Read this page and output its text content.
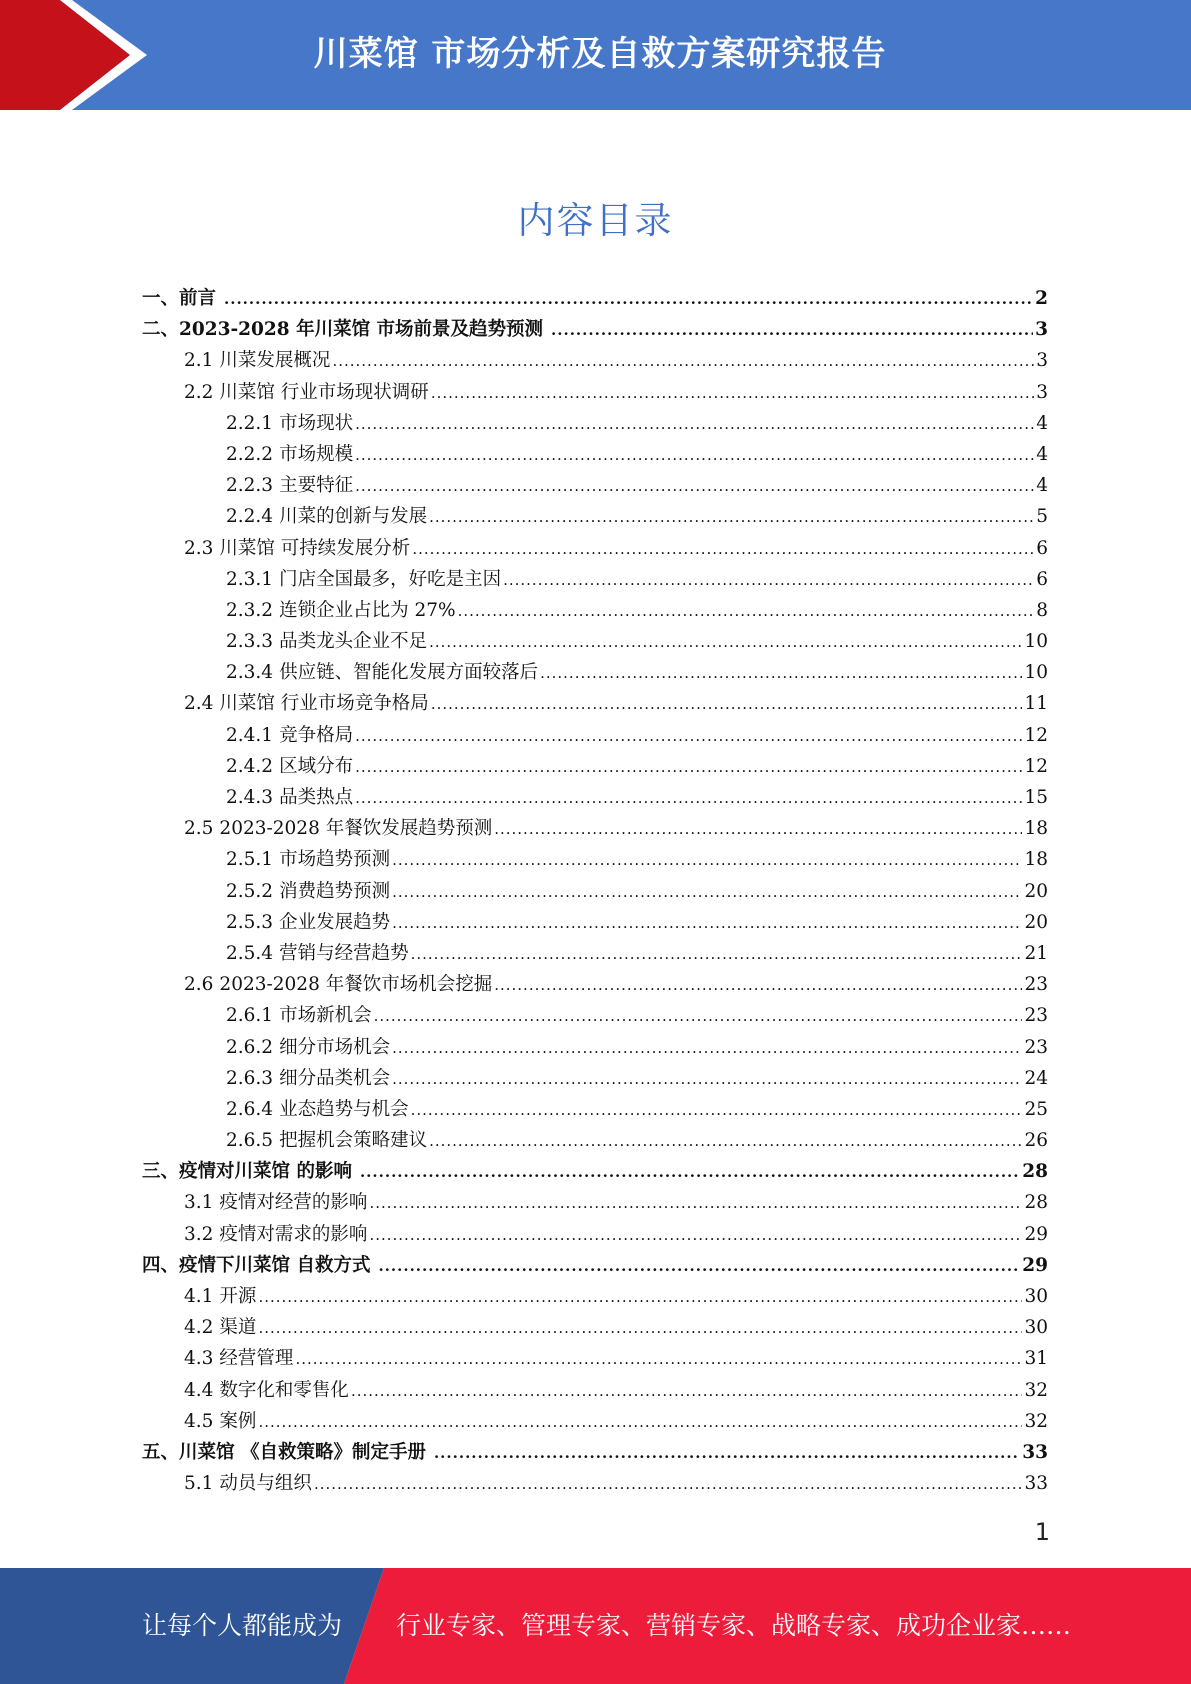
川菜馆 市场分析及自救方案研究报告
内容目录
一、前言 .....	2
二、2023-2028 年川菜馆 市场前景及趋势预测 .....	3
2.1 川菜发展概况 .....	3
2.2 川菜馆 行业市场现状调研 .....	3
2.2.1 市场现状 .....	4
2.2.2 市场规模 .....	4
2.2.3 主要特征 .....	4
2.2.4 川菜的创新与发展 .....	5
2.3 川菜馆 可持续发展分析 .....	6
2.3.1 门店全国最多，好吃是主因 .....	6
2.3.2 连锁企业占比为 27% .....	8
2.3.3 品类龙头企业不足 .....	10
2.3.4 供应链、智能化发展方面较落后 .....	10
2.4 川菜馆 行业市场竞争格局 .....	11
2.4.1 竞争格局 .....	12
2.4.2 区域分布 .....	12
2.4.3 品类热点 .....	15
2.5 2023-2028 年餐饮发展趋势预测 .....	18
2.5.1 市场趋势预测 .....	18
2.5.2 消费趋势预测 .....	20
2.5.3 企业发展趋势 .....	20
2.5.4 营销与经营趋势 .....	21
2.6 2023-2028 年餐饮市场机会挖掘 .....	23
2.6.1 市场新机会 .....	23
2.6.2 细分市场机会 .....	23
2.6.3 细分品类机会 .....	24
2.6.4 业态趋势与机会 .....	25
2.6.5 把握机会策略建议 .....	26
三、疫情对川菜馆 的影响 .....	28
3.1 疫情对经营的影响 .....	28
3.2 疫情对需求的影响 .....	29
四、疫情下川菜馆 自救方式 .....	29
4.1 开源 .....	30
4.2 渠道 .....	30
4.3 经营管理 .....	31
4.4 数字化和零售化 .....	32
4.5 案例 .....	32
五、川菜馆 《自救策略》制定手册 .....	33
5.1 动员与组织 .....	33
1
让每个人都能成为 行业专家、管理专家、营销专家、战略专家、成功企业家……
